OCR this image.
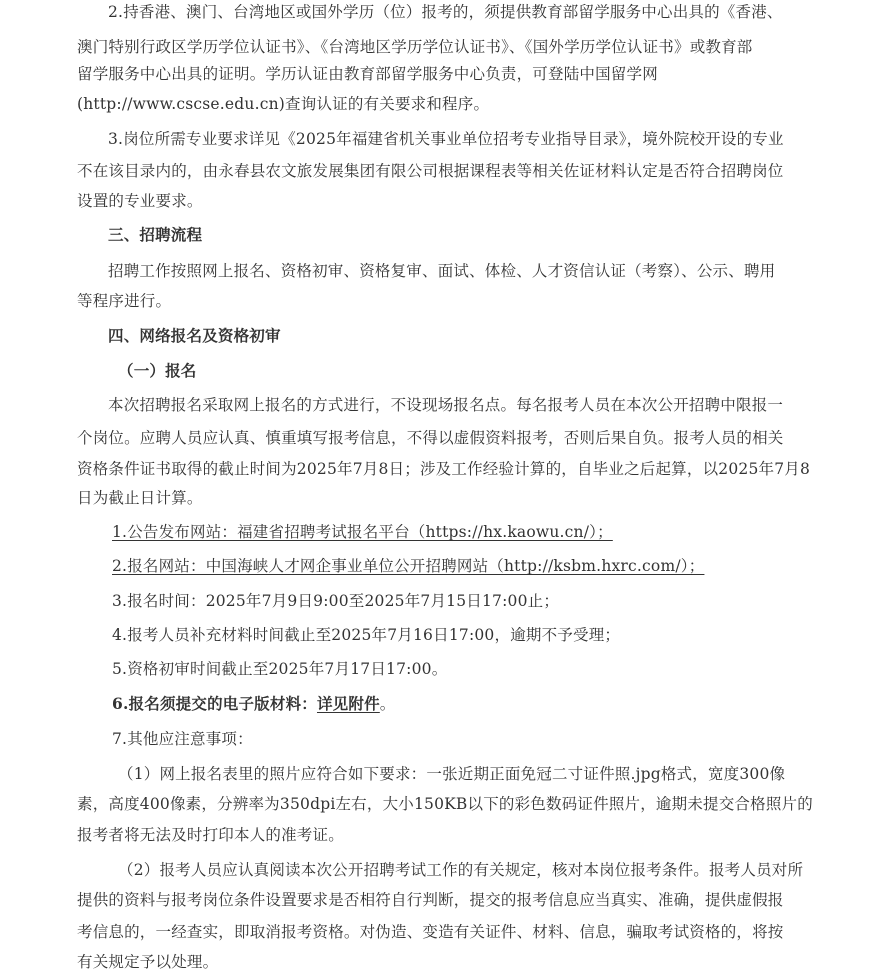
2.持香港、澳门、台湾地区或国外学历（位）报考的，须提供教育部留学服务中心出具的《香港、
澳门特别行政区学历学位认证书》、《台湾地区学历学位认证书》、《国外学历学位认证书》或教育部
留学服务中心出具的证明。学历认证由教育部留学服务中心负责，可登陆中国留学网
(http://www.cscse.edu.cn)查询认证的有关要求和程序。
3.岗位所需专业要求详见《2025年福建省机关事业单位招考专业指导目录》，境外院校开设的专业
不在该目录内的，由永春县农文旅发展集团有限公司根据课程表等相关佐证材料认定是否符合招聘岗位
设置的专业要求。
三、招聘流程
招聘工作按照网上报名、资格初审、资格复审、面试、体检、人才资信认证（考察）、公示、聘用
等程序进行。
四、网络报名及资格初审
（一）报名
本次招聘报名采取网上报名的方式进行，不设现场报名点。每名报考人员在本次公开招聘中限报一
个岗位。应聘人员应认真、慎重填写报考信息，不得以虚假资料报考，否则后果自负。报考人员的相关
资格条件证书取得的截止时间为2025年7月8日；涉及工作经验计算的，自毕业之后起算，以2025年7月8
日为截止日计算。
1.公告发布网站：福建省招聘考试报名平台（https://hx.kaowu.cn/）；
2.报名网站：中国海峡人才网企事业单位公开招聘网站（http://ksbm.hxrc.com/）；
3.报名时间：2025年7月9日9:00至2025年7月15日17:00止；
4.报考人员补充材料时间截止至2025年7月16日17:00，逾期不予受理；
5.资格初审时间截止至2025年7月17日17:00。
6.报名须提交的电子版材料：详见附件。
7.其他应注意事项：
（1）网上报名表里的照片应符合如下要求：一张近期正面免冠二寸证件照.jpg格式，宽度300像
素，高度400像素，分辨率为350dpi左右，大小150KB以下的彩色数码证件照片，逾期未提交合格照片的
报考者将无法及时打印本人的准考证。
（2）报考人员应认真阅读本次公开招聘考试工作的有关规定，核对本岗位报考条件。报考人员对所
提供的资料与报考岗位条件设置要求是否相符自行判断，提交的报考信息应当真实、准确，提供虚假报
考信息的，一经查实，即取消报考资格。对伪造、变造有关证件、材料、信息，骗取考试资格的，将按
有关规定予以处理。
